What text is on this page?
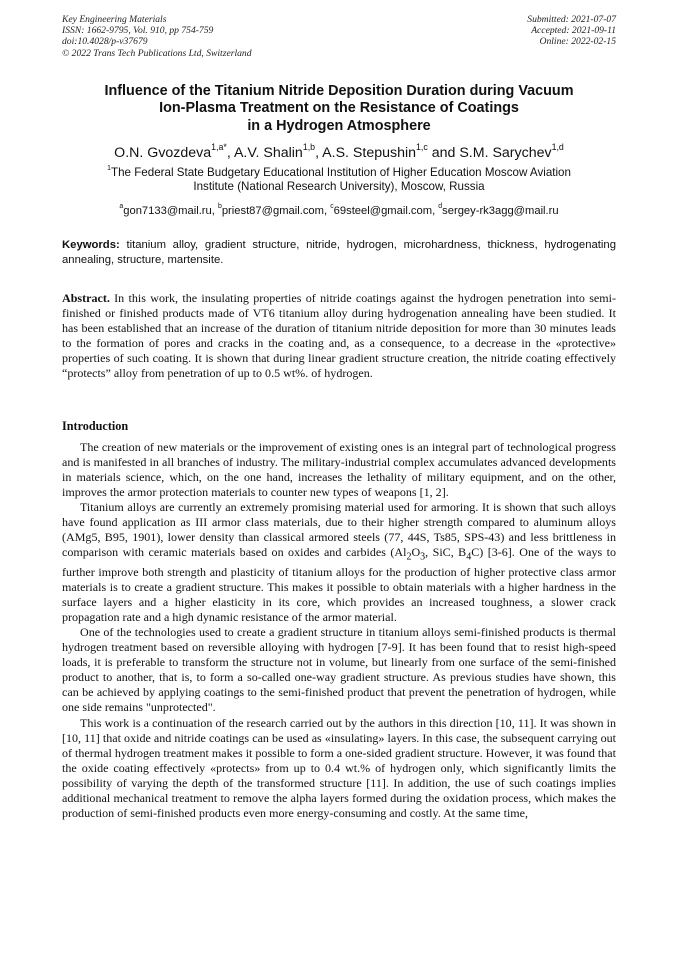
Key Engineering Materials
ISSN: 1662-9795, Vol. 910, pp 754-759
doi:10.4028/p-v37679
© 2022 Trans Tech Publications Ltd, Switzerland
Submitted: 2021-07-07
Accepted: 2021-09-11
Online: 2022-02-15
Influence of the Titanium Nitride Deposition Duration during Vacuum
Ion-Plasma Treatment on the Resistance of Coatings
in a Hydrogen Atmosphere
O.N. Gvozdeva$^{1,a*}$, A.V. Shalin$^{1,b}$, A.S. Stepushin$^{1,c}$ and S.M. Sarychev$^{1,d}$
$^1$The Federal State Budgetary Educational Institution of Higher Education Moscow Aviation
Institute (National Research University), Moscow, Russia
$^a$gon7133@mail.ru, $^b$priest87@gmail.com, $^c$69steel@gmail.com, $^d$sergey-rk3agg@mail.ru
Keywords: titanium alloy, gradient structure, nitride, hydrogen, microhardness, thickness, hydrogenating annealing, structure, martensite.
Abstract. In this work, the insulating properties of nitride coatings against the hydrogen penetration into semi-finished or finished products made of VT6 titanium alloy during hydrogenation annealing have been studied. It has been established that an increase of the duration of titanium nitride deposition for more than 30 minutes leads to the formation of pores and cracks in the coating and, as a consequence, to a decrease in the «protective» properties of such coating. It is shown that during linear gradient structure creation, the nitride coating effectively “protects” alloy from penetration of up to 0.5 wt%. of hydrogen.
Introduction

The creation of new materials or the improvement of existing ones is an integral part of technological progress and is manifested in all branches of industry. The military-industrial complex accumulates advanced developments in materials science, which, on the one hand, increases the lethality of military equipment, and on the other, improves the armor protection materials to counter new types of weapons [1, 2].

Titanium alloys are currently an extremely promising material used for armoring. It is shown that such alloys have found application as III armor class materials, due to their higher strength compared to aluminum alloys (AMg5, B95, 1901), lower density than classical armored steels (77, 44S, Ts85, SPS-43) and less brittleness in comparison with ceramic materials based on oxides and carbides ($Al_2O_3$, SiC, $B_4C$) [3-6]. One of the ways to further improve both strength and plasticity of titanium alloys for the production of higher protective class armor materials is to create a gradient structure. This makes it possible to obtain materials with a higher hardness in the surface layers and a higher elasticity in its core, which provides an increased toughness, a slower crack propagation rate and a high dynamic resistance of the armor material.

One of the technologies used to create a gradient structure in titanium alloys semi-finished products is thermal hydrogen treatment based on reversible alloying with hydrogen [7-9]. It has been found that to resist high-speed loads, it is preferable to transform the structure not in volume, but linearly from one surface of the semi-finished product to another, that is, to form a so-called one-way gradient structure. As previous studies have shown, this can be achieved by applying coatings to the semi-finished product that prevent the penetration of hydrogen, while one side remains "unprotected".

This work is a continuation of the research carried out by the authors in this direction [10, 11]. It was shown in [10, 11] that oxide and nitride coatings can be used as «insulating» layers. In this case, the subsequent carrying out of thermal hydrogen treatment makes it possible to form a one-sided gradient structure. However, it was found that the oxide coating effectively «protects» from up to 0.4 wt.% of hydrogen only, which significantly limits the possibility of varying the depth of the transformed structure [11]. In addition, the use of such coatings implies additional mechanical treatment to remove the alpha layers formed during the oxidation process, which makes the production of semi-finished products even more energy-consuming and costly. At the same time,
